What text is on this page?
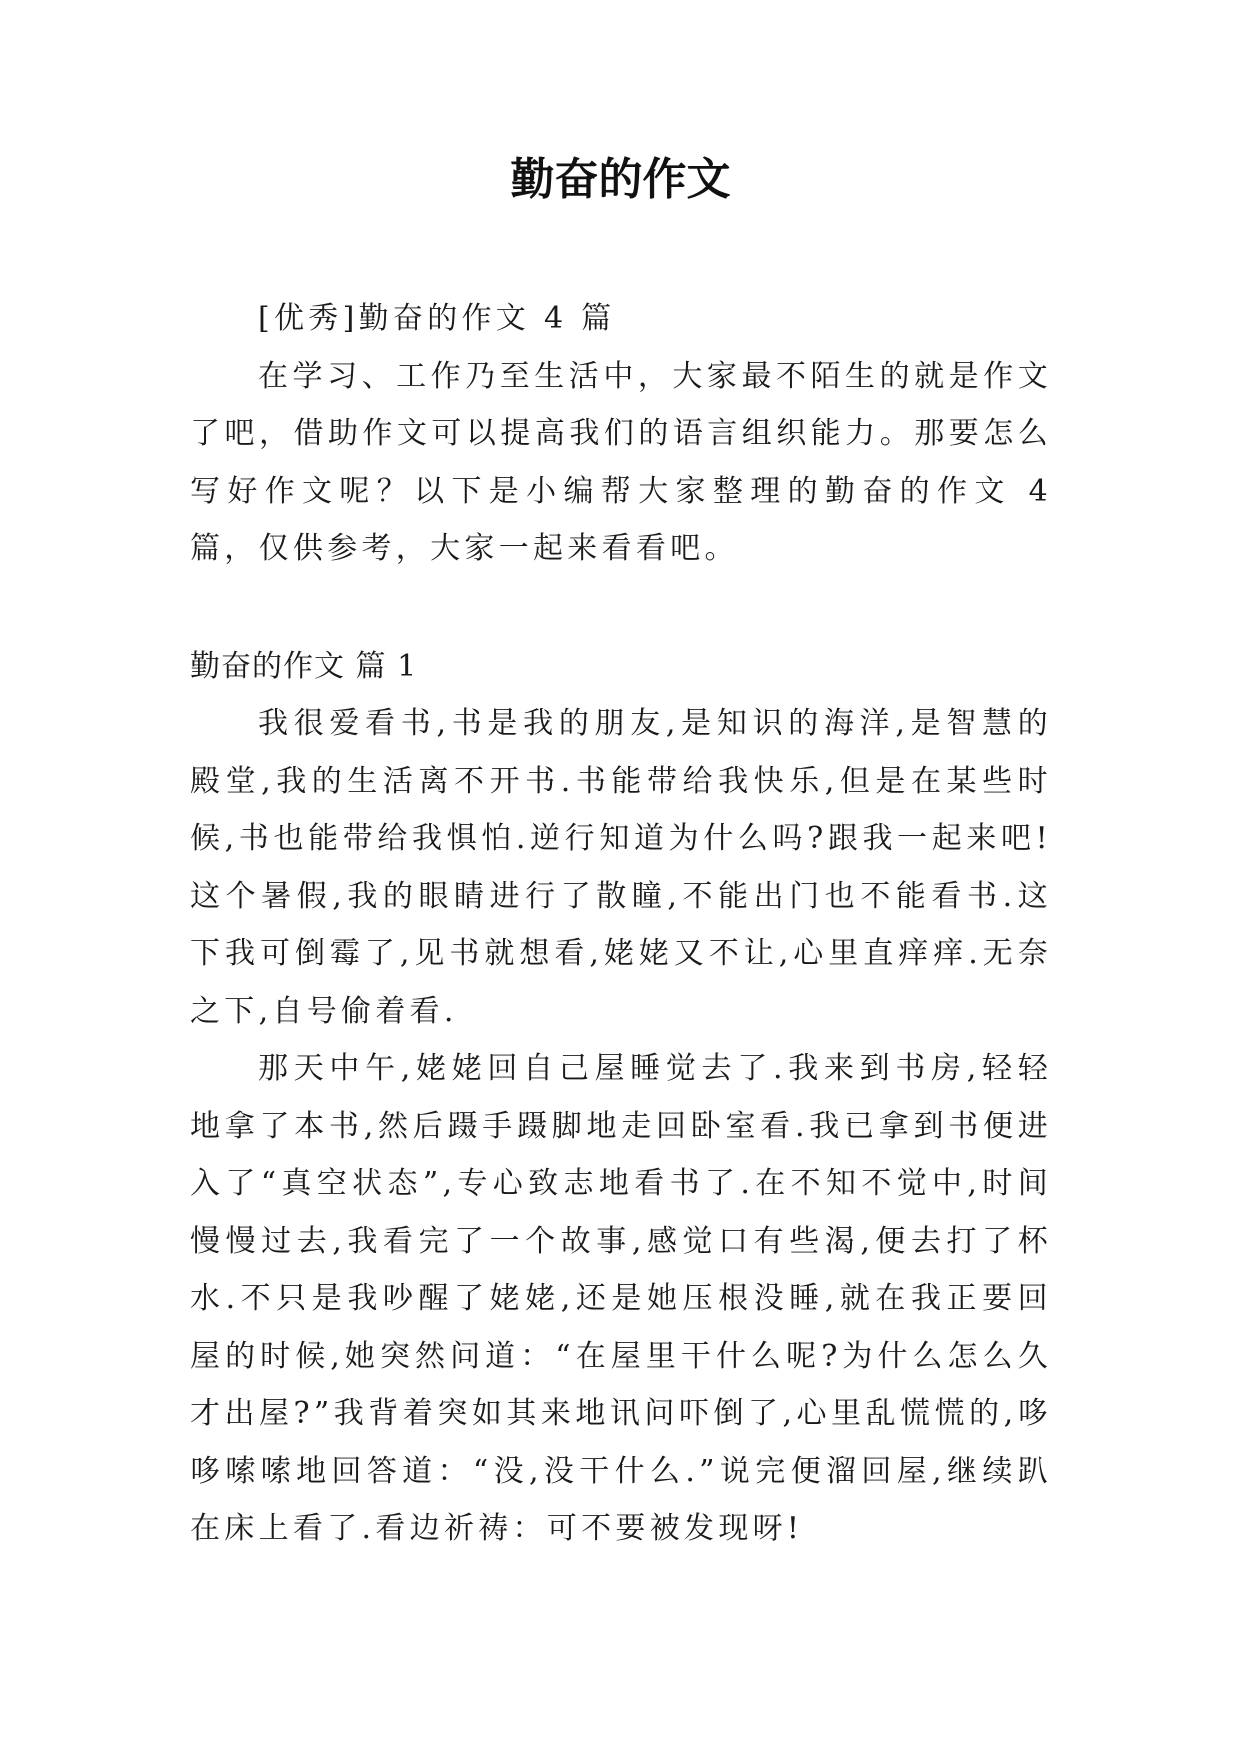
勤奋的作文

[优秀]勤奋的作文 4 篇

在学习、工作乃至生活中，大家最不陌生的就是作文了吧，借助作文可以提高我们的语言组织能力。那要怎么写好作文呢？以下是小编帮大家整理的勤奋的作文 4 篇，仅供参考，大家一起来看看吧。

勤奋的作文 篇 1

我很爱看书,书是我的朋友,是知识的海洋,是智慧的殿堂,我的生活离不开书.书能带给我快乐,但是在某些时候,书也能带给我惧怕.逆行知道为什么吗?跟我一起来吧!这个暑假,我的眼睛进行了散瞳,不能出门也不能看书.这下我可倒霉了,见书就想看,姥姥又不让,心里直痒痒.无奈之下,自号偷着看.

那天中午,姥姥回自己屋睡觉去了.我来到书房,轻轻地拿了本书,然后蹑手蹑脚地走回卧室看.我已拿到书便进入了“真空状态”,专心致志地看书了.在不知不觉中,时间慢慢过去,我看完了一个故事,感觉口有些渴,便去打了杯水.不只是我吵醒了姥姥,还是她压根没睡,就在我正要回屋的时候,她突然问道：“在屋里干什么呢?为什么怎么久才出屋?”我背着突如其来地讯问吓倒了,心里乱慌慌的,哆哆嗦嗦地回答道：“没,没干什么.”说完便溜回屋,继续趴在床上看了.看边祈祷：可不要被发现呀!
